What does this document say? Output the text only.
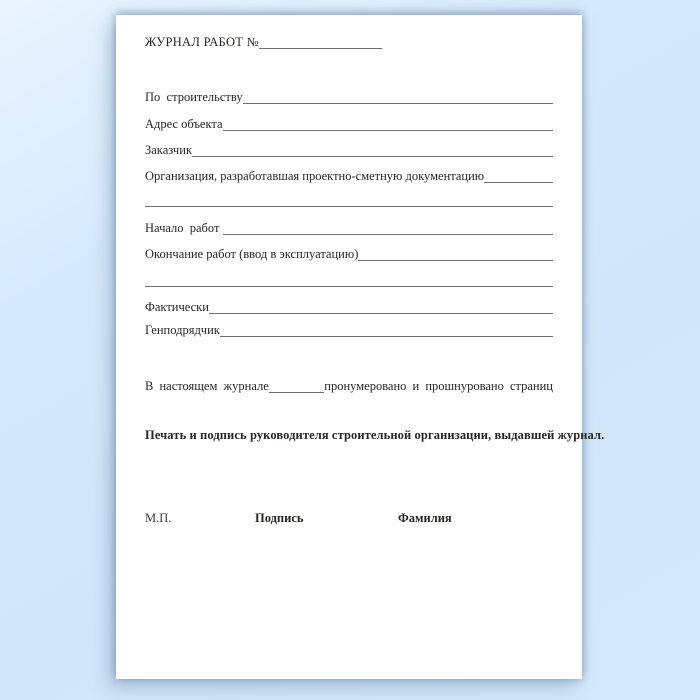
ЖУРНАЛ РАБОТ №
По  строительству
Адрес объекта
Заказчик
Организация, разработавшая проектно-сметную документацию
Начало  работ
Окончание работ (ввод в эксплуатацию)
Фактически
Генподрядчик
В настоящем журнале	пронумеровано и прошнуровано страниц
Печать и подпись руководителя строительной организации, выдавшей журнал.
М.П.	Подпись	Фамилия
